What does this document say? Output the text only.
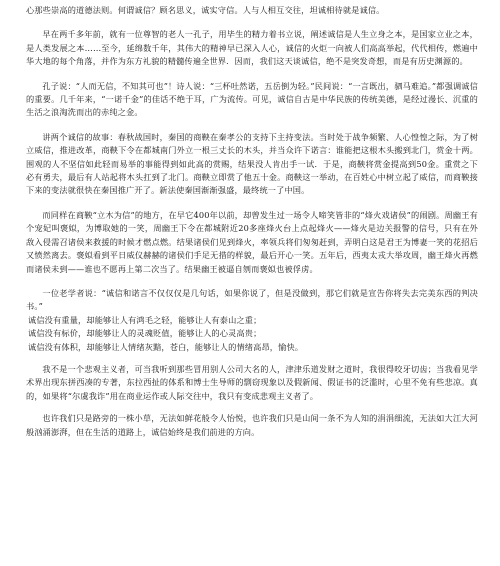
心那些崇高的道德法则。何谓诚信？顾名思义，诚实守信。人与人相互交往，坦诚相待就是诚信。

早在两千多年前，就有一位尊智的老人一孔子，用毕生的精力着书立说，阐述诚信是人生立身之本，是国家立业之本，是人类发展之本……至今，延绵数千年，其伟大的精神早已深入人心，诚信的火炬一向被人们高高举起，代代相传，燃遍中华大地的每个角落，并作为东方礼貌的精髓传遍全世界．因而，我们这天谈诚信，绝不是突发奇想，而是有历史渊源的。

孔子说：“人而无信，不知其可也”！诗人说：“三杯吐然诺，五岳倒为轻。”民间说：“一言既出，驷马难追。”都强调诚信的重要。几千年来，“一诺千金”的佳话不绝于耳，广为流传。可见，诚信自古是中华民族的传统美德，是经过漫长、沉重的生活之浪淘洗而出的赤纯之金。

讲两个诚信的故事：春秋战国时，秦国的商鞅在秦孝公的支持下主持变法。当时处于战争频繁、人心惶惶之际，为了树立威信，推进改革，商鞅下令在都城南门外立一根三丈长的木头，并当众许下诺言：谁能把这根木头搬到北门，赏金十两。围观的人不坚信如此轻而易举的事能得到如此高的赏赐，结果没人肯出手一试．于是，商鞅将赏金提高到50金。重赏之下必有勇夫，最后有人站起将木头扛到了北门。商鞅立即赏了他五十金。商鞅这一举动，在百姓心中树立起了威信，而商鞅接下来的变法就很快在秦国推广开了。新法使秦国渐渐强盛，最终统一了中国。

而同样在商鞅“立木为信”的地方，在早它400年以前，却曾发生过一场令人啼笑皆非的“烽火戏诸侯”的闹剧。周幽王有个宠妃叫褒姒，为博取她的一笑，周幽王下令在都城附近20多座烽火台上点起烽火——烽火是边关报警的信号，只有在外敌入侵需召诸侯来救援的时候才燃点燃。结果诸侯们见到烽火，率领兵将们匆匆赶到，弄明白这是君王为博妻一笑的花招后又愤然离去。褒姒看到平日威仪赫赫的诸侯们手足无措的样貌，最后开心一笑。五年后，西夷太戎大举攻周，幽王烽火再燃而诸侯未到——谁也不愿再上第二次当了。结果幽王被逼自刎而褒姒也被俘虏。

一位老学者说：“诚信和诺言不仅仅仅是几句话，如果你说了，但是没做到，那它们就是宣告你将失去完美东西的判决书。”

诚信没有重量，却能够让人有鸿毛之轻，能够让人有泰山之重；

诚信没有标价，却能够让人的灵魂贬值，能够让人的心灵高贵；

诚信没有体积，却能够让人情绪灰黯，苍白，能够让人的情绪高昂，愉快。

我不是一个悲观主义者，可当我听到那些冒用别人公司大名的人，津津乐道发财之道时，我很得咬牙切齿；当我看见学术界出现东拼西凑的专著，东拉西扯的体系和博士生导师的剽窃现象以及假新闻、假证书的泛滥时，心里不免有些悲凉。真的，如果将“尔虞我诈”用在商业运作或人际交往中，我只有变成悲观主义者了。

也许我们只是路旁的一株小草，无法如鲜花般令人怡悦，也许我们只是山间一条不为人知的涓涓细流，无法如大江大河般汹涌澎湃，但在生活的道路上，诚信始终是我们前进的方向。
